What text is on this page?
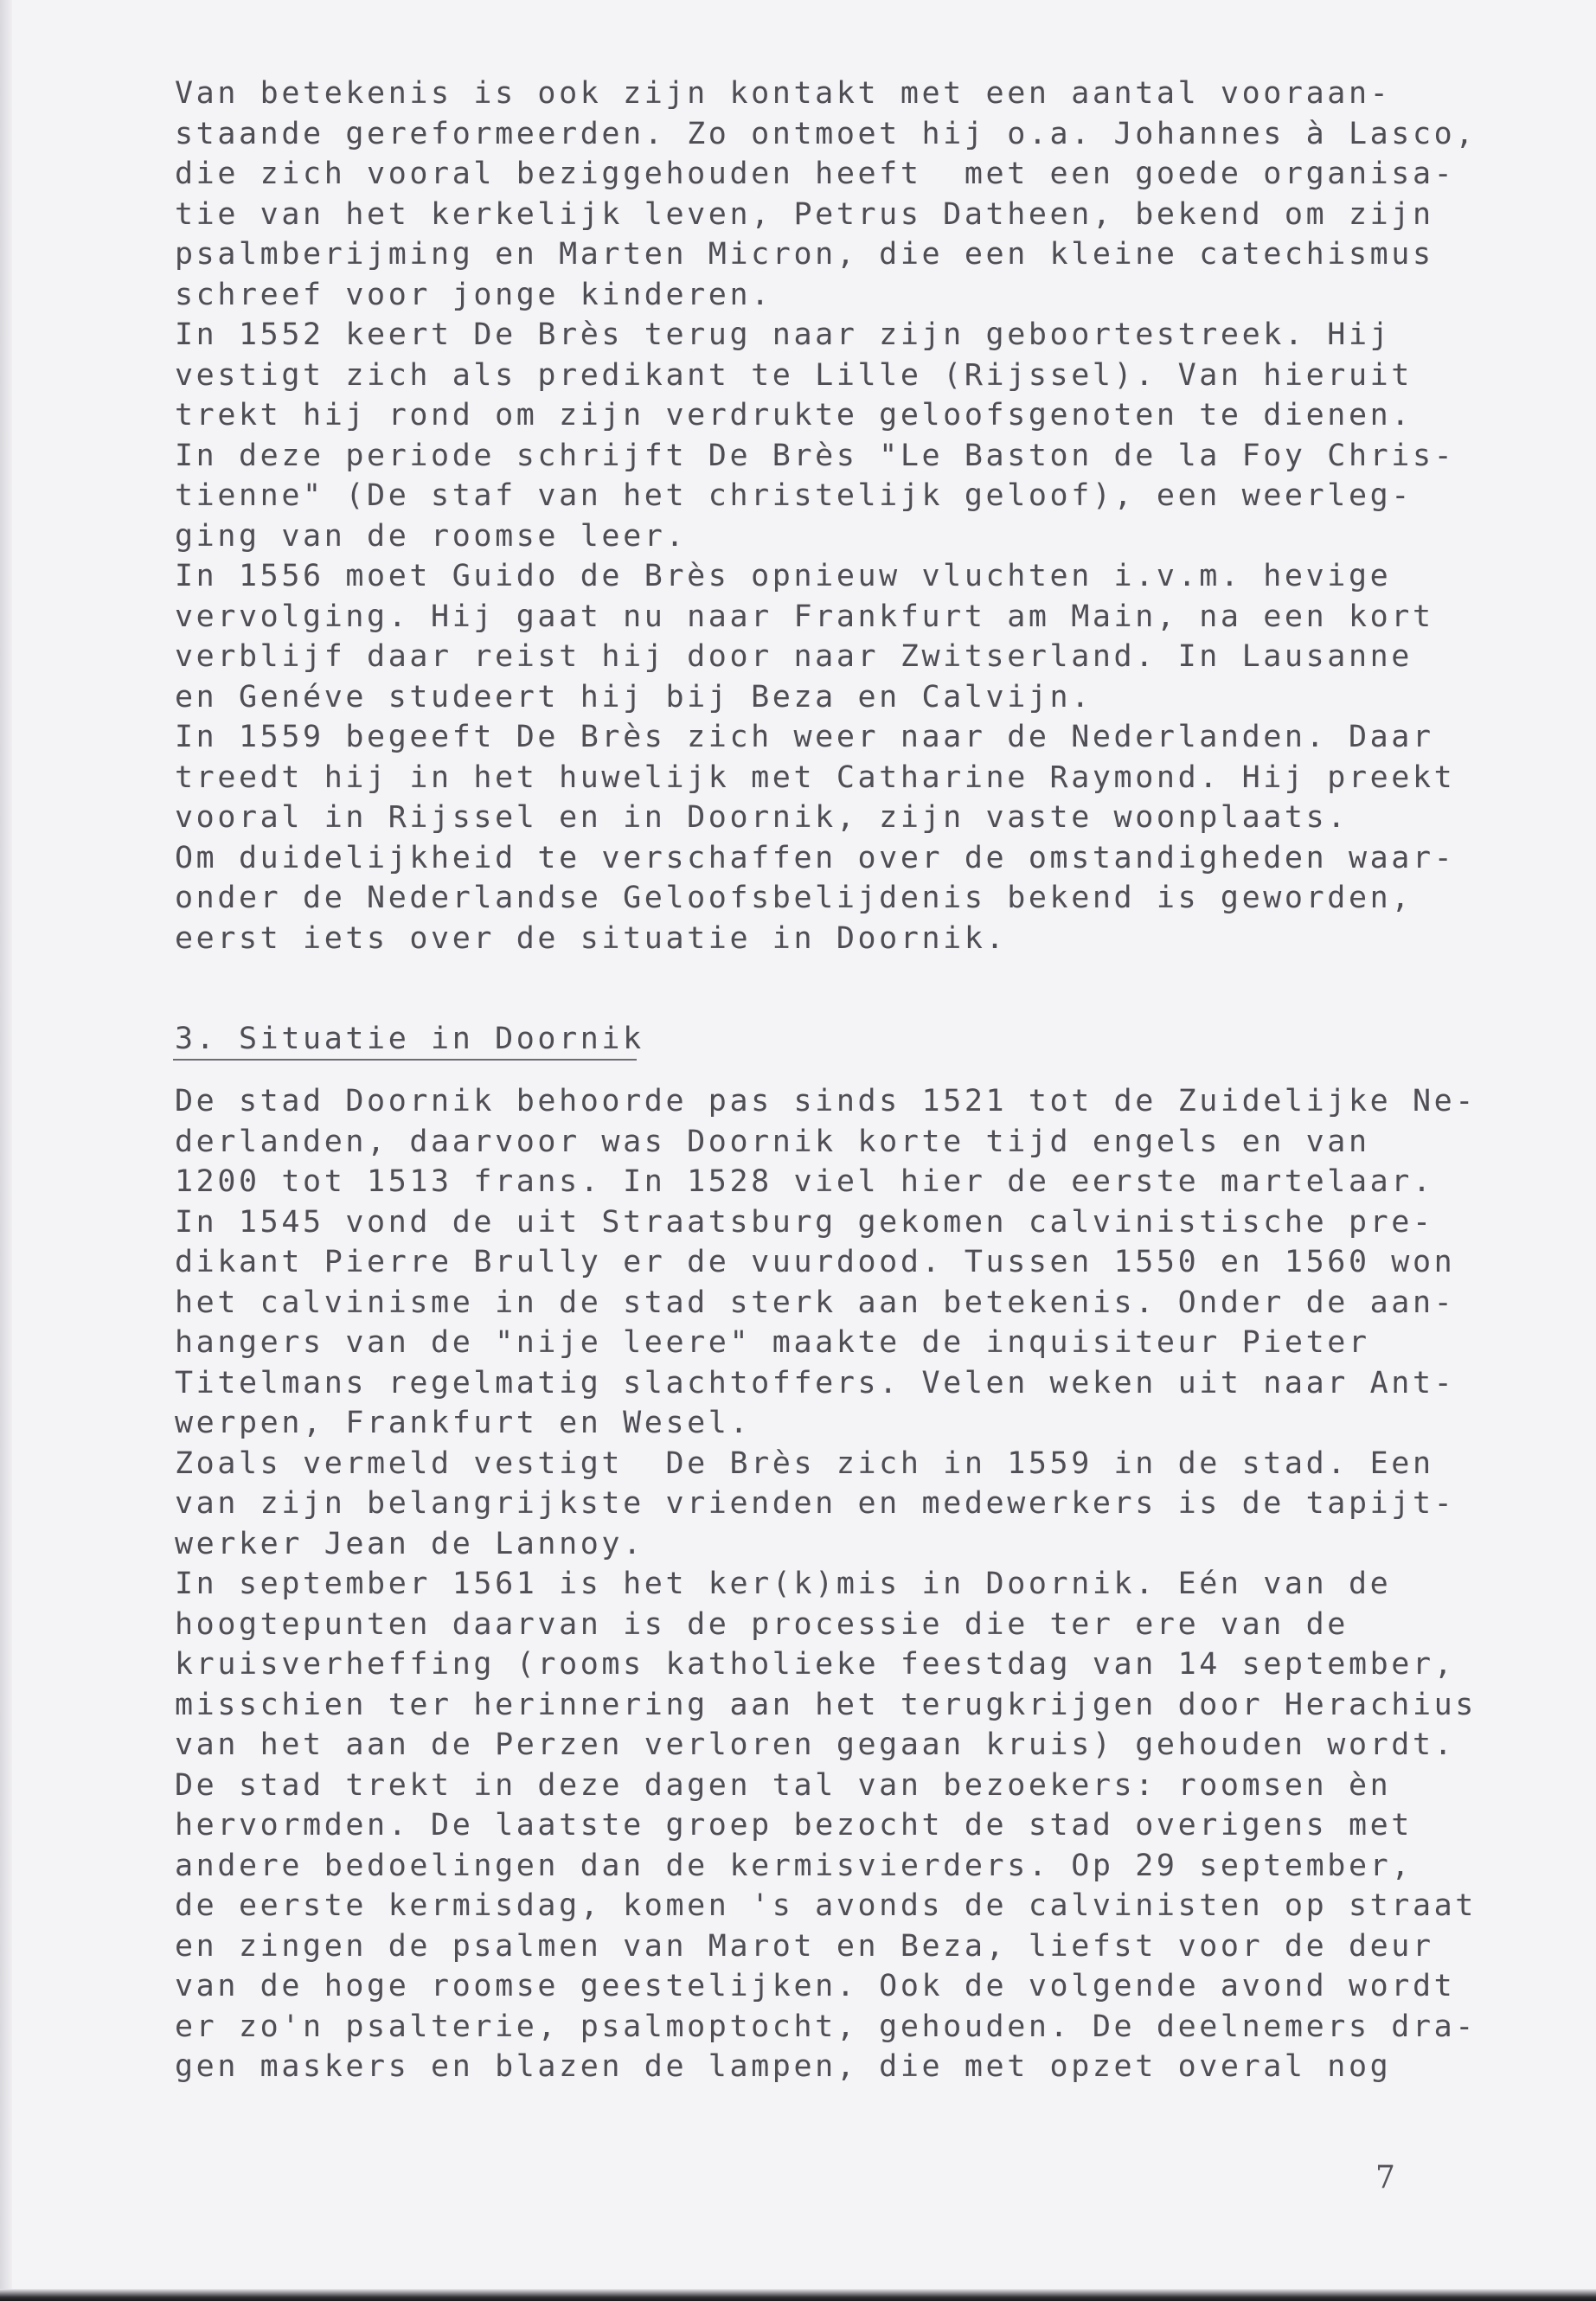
Van betekenis is ook zijn kontakt met een aantal vooraan-
staande gereformeerden. Zo ontmoet hij o.a. Johannes à Lasco,
die zich vooral beziggehouden heeft  met een goede organisa-
tie van het kerkelijk leven, Petrus Datheen, bekend om zijn
psalmberijming en Marten Micron, die een kleine catechismus
schreef voor jonge kinderen.
In 1552 keert De Brès terug naar zijn geboortestreek. Hij
vestigt zich als predikant te Lille (Rijssel). Van hieruit
trekt hij rond om zijn verdrukte geloofsgenoten te dienen.
In deze periode schrijft De Brès "Le Baston de la Foy Chris-
tienne" (De staf van het christelijk geloof), een weerleg-
ging van de roomse leer.
In 1556 moet Guido de Brès opnieuw vluchten i.v.m. hevige
vervolging. Hij gaat nu naar Frankfurt am Main, na een kort
verblijf daar reist hij door naar Zwitserland. In Lausanne
en Genéve studeert hij bij Beza en Calvijn.
In 1559 begeeft De Brès zich weer naar de Nederlanden. Daar
treedt hij in het huwelijk met Catharine Raymond. Hij preekt
vooral in Rijssel en in Doornik, zijn vaste woonplaats.
Om duidelijkheid te verschaffen over de omstandigheden waar-
onder de Nederlandse Geloofsbelijdenis bekend is geworden,
eerst iets over de situatie in Doornik.
3. Situatie in Doornik
De stad Doornik behoorde pas sinds 1521 tot de Zuidelijke Ne-
derlanden, daarvoor was Doornik korte tijd engels en van
1200 tot 1513 frans. In 1528 viel hier de eerste martelaar.
In 1545 vond de uit Straatsburg gekomen calvinistische pre-
dikant Pierre Brully er de vuurdood. Tussen 1550 en 1560 won
het calvinisme in de stad sterk aan betekenis. Onder de aan-
hangers van de "nije leere" maakte de inquisiteur Pieter
Titelmans regelmatig slachtoffers. Velen weken uit naar Ant-
werpen, Frankfurt en Wesel.
Zoals vermeld vestigt  De Brès zich in 1559 in de stad. Een
van zijn belangrijkste vrienden en medewerkers is de tapijt-
werker Jean de Lannoy.
In september 1561 is het ker(k)mis in Doornik. Eén van de
hoogtepunten daarvan is de processie die ter ere van de
kruisverheffing (rooms katholieke feestdag van 14 september,
misschien ter herinnering aan het terugkrijgen door Herachius
van het aan de Perzen verloren gegaan kruis) gehouden wordt.
De stad trekt in deze dagen tal van bezoekers: roomsen èn
hervormden. De laatste groep bezocht de stad overigens met
andere bedoelingen dan de kermisvierders. Op 29 september,
de eerste kermisdag, komen 's avonds de calvinisten op straat
en zingen de psalmen van Marot en Beza, liefst voor de deur
van de hoge roomse geestelijken. Ook de volgende avond wordt
er zo'n psalterie, psalmoptocht, gehouden. De deelnemers dra-
gen maskers en blazen de lampen, die met opzet overal nog
7
